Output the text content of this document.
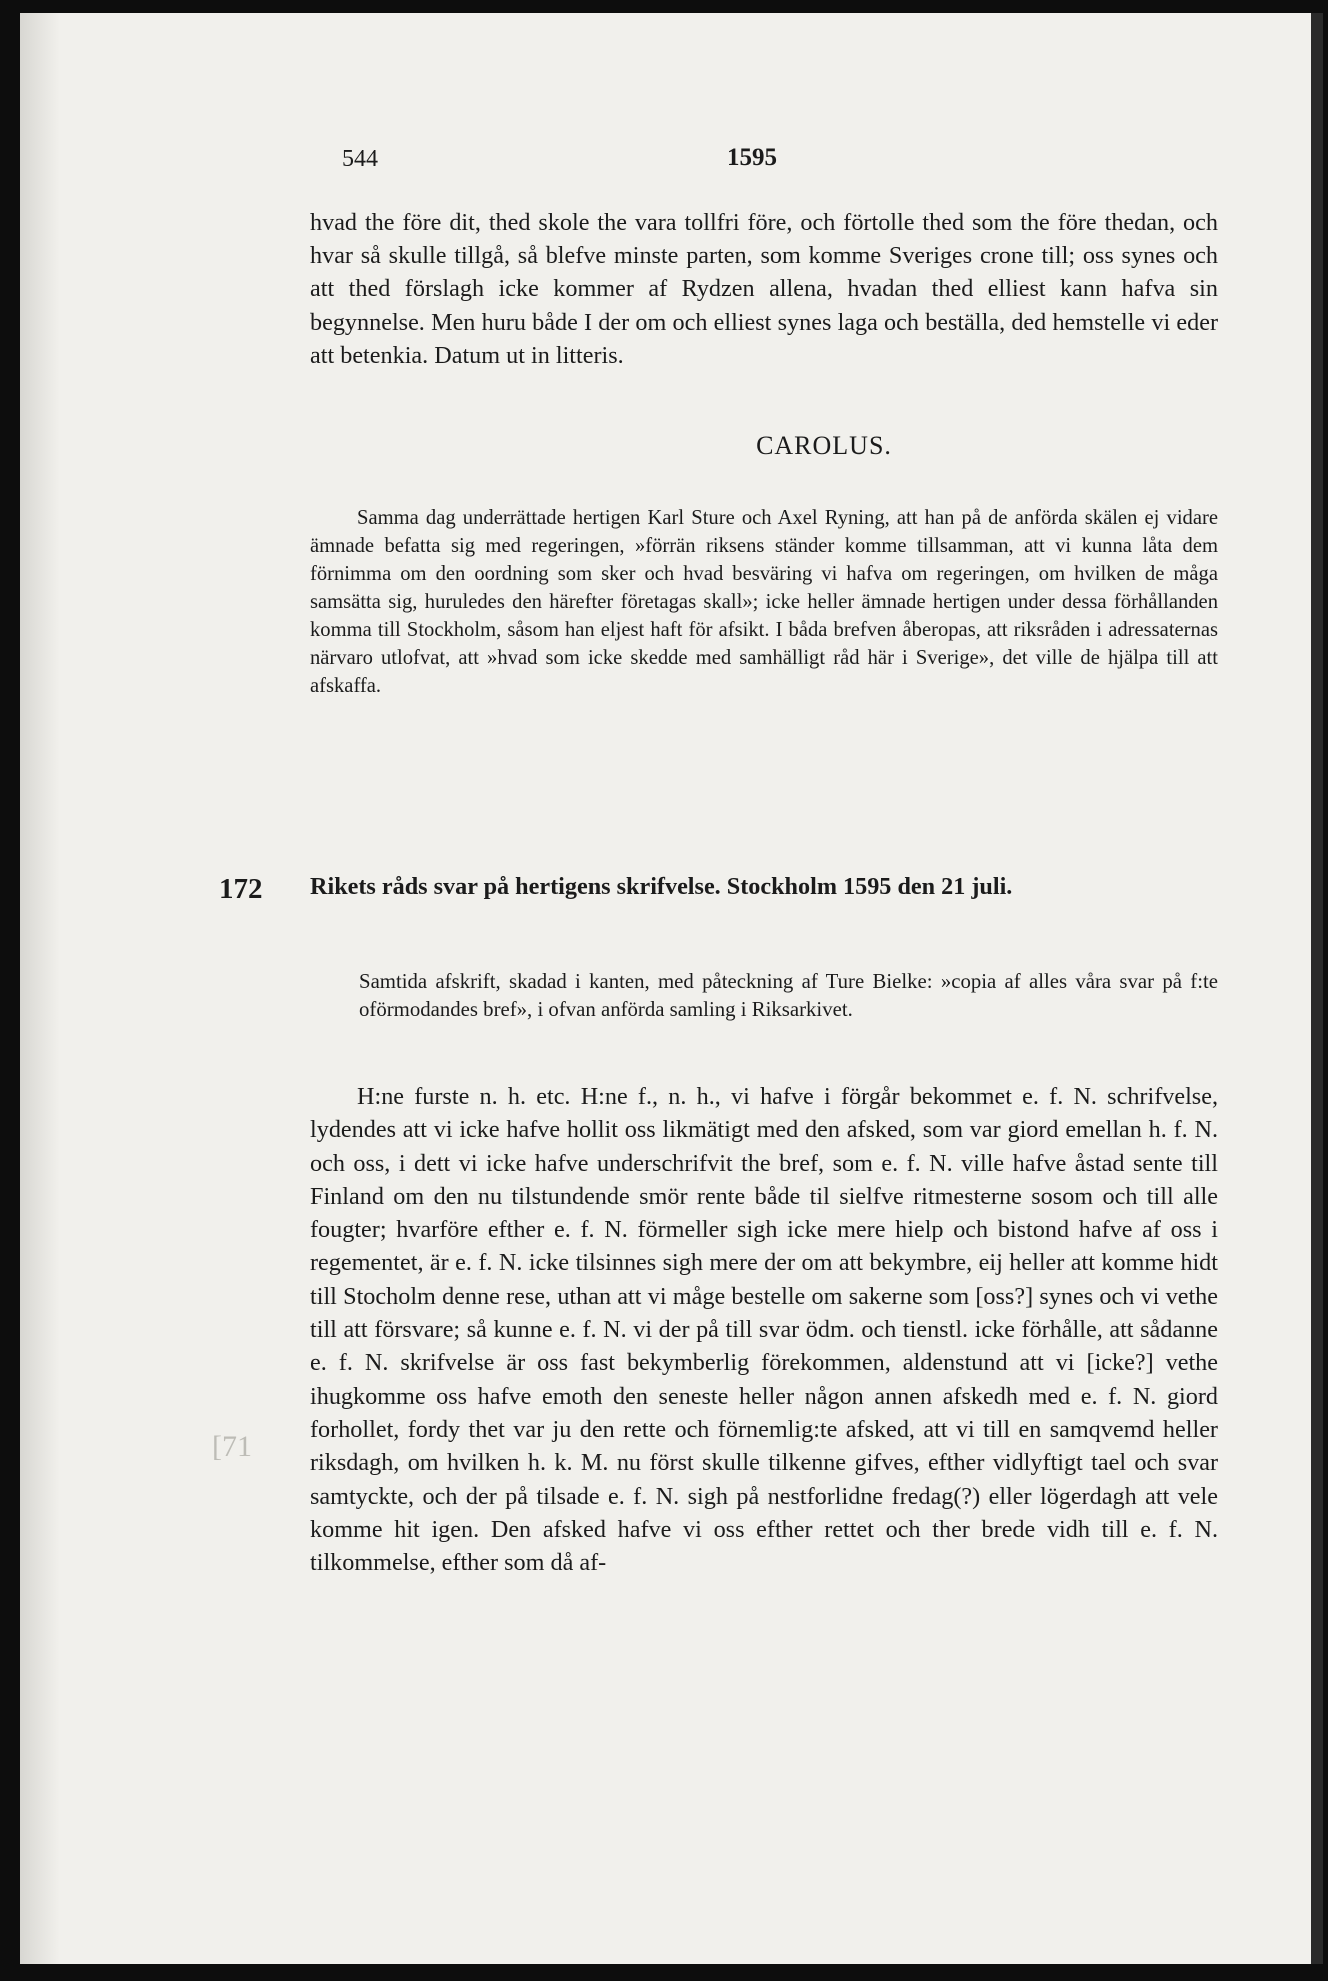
544	1595

hvad the före dit, thed skole the vara tollfri före, och förtolle thed som the före thedan, och hvar så skulle tillgå, så blefve minste parten, som komme Sveriges crone till; oss synes och att thed förslagh icke kommer af Rydzen allena, hvadan thed elliest kann hafva sin begynnelse. Men huru både I der om och elliest synes laga och beställa, ded hemstelle vi eder att betenkia. Datum ut in litteris.

CAROLUS.

Samma dag underrättade hertigen Karl Sture och Axel Ryning, att han på de anförda skälen ej vidare ämnade befatta sig med regeringen, »förrän riksens ständer komme tillsamman, att vi kunna låta dem förnimma om den oordning som sker och hvad besväring vi hafva om regeringen, om hvilken de måga samsätta sig, huruledes den härefter företagas skall»; icke heller ämnade hertigen under dessa förhållanden komma till Stockholm, såsom han eljest haft för afsikt. I båda brefven åberopas, att riksråden i adressaternas närvaro utlofvat, att »hvad som icke skedde med samhälligt råd här i Sverige», det ville de hjälpa till att afskaffa.

172 Rikets råds svar på hertigens skrifvelse. Stockholm 1595 den 21 juli.

Samtida afskrift, skadad i kanten, med påteckning af Ture Bielke: »copia af alles våra svar på f:te oförmodandes bref», i ofvan anförda samling i Riksarkivet.

H:ne furste n. h. etc. H:ne f., n. h., vi hafve i förgår bekommet e. f. N. schrifvelse, lydendes att vi icke hafve hollit oss likmätigt med den afsked, som var giord emellan h. f. N. och oss, i dett vi icke hafve underschrifvit the bref, som e. f. N. ville hafve åstad sente till Finland om den nu tilstundende smör rente både til sielfve ritmesterne sosom och till alle fougter; hvarföre efther e. f. N. förmeller sigh icke mere hielp och bistond hafve af oss i regementet, är e. f. N. icke tilsinnes sigh mere der om att bekymbre, eij heller att komme hidt till Stocholm denne rese, uthan att vi måge bestelle om sakerne som [oss?] synes och vi vethe till att försvare; så kunne e. f. N. vi der på till svar ödm. och tienstl. icke förhålle, att sådanne e. f. N. skrifvelse är oss fast bekymberlig förekommen, aldenstund att vi [icke?] vethe ihugkomme oss hafve emoth den seneste heller någon annen afskedh med e. f. N. giord forhollet, fordy thet var ju den rette och förnemlig:te afsked, att vi till en samqvemd heller riksdagh, om hvilken h. k. M. nu först skulle tilkenne gifves, efther vidlyftigt tael och svar samtyckte, och der på tilsade e. f. N. sigh på nestforlidne fredag(?) eller lögerdagh att vele komme hit igen. Den afsked hafve vi oss efther rettet och ther brede vidh till e. f. N. tilkommelse, efther som då af-

[71
